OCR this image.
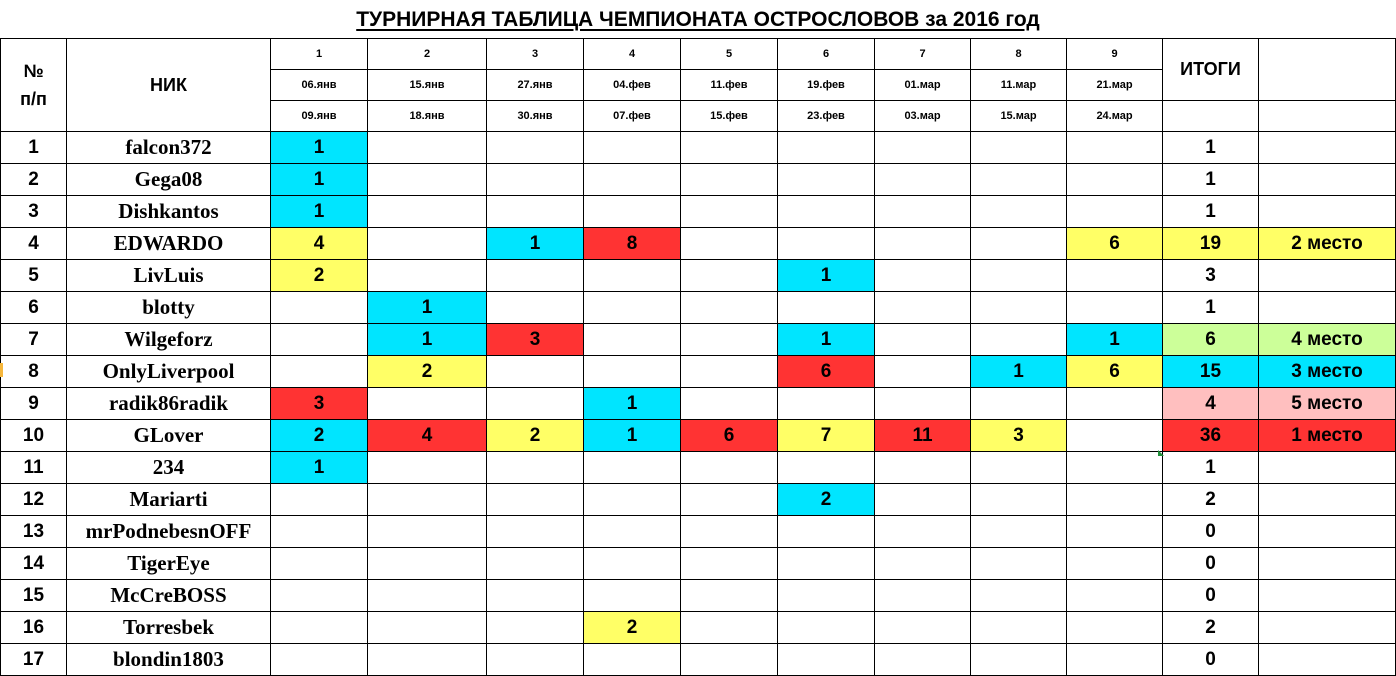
ТУРНИРНАЯ ТАБЛИЦА ЧЕМПИОНАТА ОСТРОСЛОВОВ за 2016 год
№
п/п	НИК	1	2	3	4	5	6	7	8	9	ИТОГИ	
		06.янв	15.янв	27.янв	04.фев	11.фев	19.фев	01.мар	11.мар	21.мар		
		09.янв	18.янв	30.янв	07.фев	15.фев	23.фев	03.мар	15.мар	24.мар		
1	falcon372	1									1	
2	Gega08	1									1	
3	Dishkantos	1									1	
4	EDWARDO	4		1	8					6	19	2 место
5	LivLuis	2					1				3	
6	blotty		1								1	
7	Wilgeforz		1	3			1			1	6	4 место
8	OnlyLiverpool		2				6		1	6	15	3 место
9	radik86radik	3			1						4	5 место
10	GLover	2	4	2	1	6	7	11	3		36	1 место
11	234	1									1	
12	Mariarti						2				2	
13	mrPodnebesnOFF										0	
14	TigerEye										0	
15	McCreBOSS										0	
16	Torresbek				2						2	
17	blondin1803										0	
